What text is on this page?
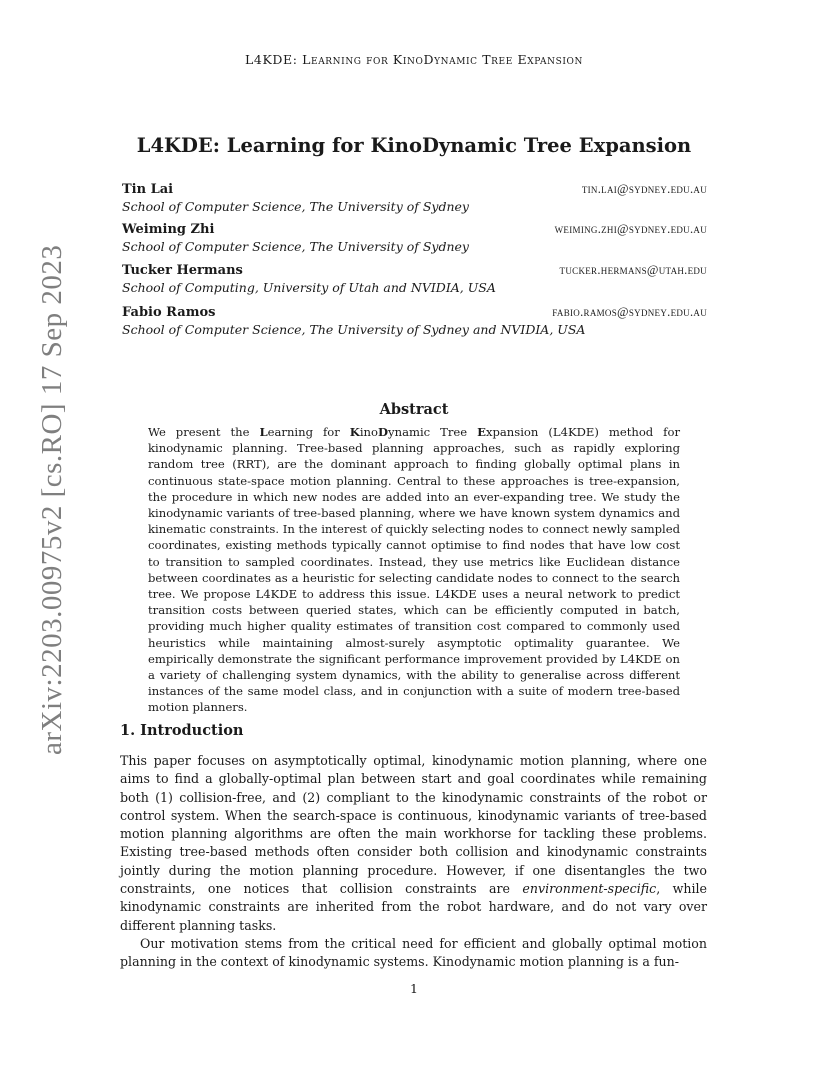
L4KDE: Learning for KinoDynamic Tree Expansion
L4KDE: Learning for KinoDynamic Tree Expansion
Tin Lai	tin.lai@sydney.edu.au
School of Computer Science, The University of Sydney
Weiming Zhi	weiming.zhi@sydney.edu.au
School of Computer Science, The University of Sydney
Tucker Hermans	tucker.hermans@utah.edu
School of Computing, University of Utah and NVIDIA, USA
Fabio Ramos	fabio.ramos@sydney.edu.au
School of Computer Science, The University of Sydney and NVIDIA, USA
Abstract
We present the Learning for KinoDynamic Tree Expansion (L4KDE) method for kinodynamic planning. Tree-based planning approaches, such as rapidly exploring random tree (RRT), are the dominant approach to finding globally optimal plans in continuous state-space motion planning. Central to these approaches is tree-expansion, the procedure in which new nodes are added into an ever-expanding tree. We study the kinodynamic variants of tree-based planning, where we have known system dynamics and kinematic constraints. In the interest of quickly selecting nodes to connect newly sampled coordinates, existing methods typically cannot optimise to find nodes that have low cost to transition to sampled coordinates. Instead, they use metrics like Euclidean distance between coordinates as a heuristic for selecting candidate nodes to connect to the search tree. We propose L4KDE to address this issue. L4KDE uses a neural network to predict transition costs between queried states, which can be efficiently computed in batch, providing much higher quality estimates of transition cost compared to commonly used heuristics while maintaining almost-surely asymptotic optimality guarantee. We empirically demonstrate the significant performance improvement provided by L4KDE on a variety of challenging system dynamics, with the ability to generalise across different instances of the same model class, and in conjunction with a suite of modern tree-based motion planners.
1. Introduction

This paper focuses on asymptotically optimal, kinodynamic motion planning, where one aims to find a globally-optimal plan between start and goal coordinates while remaining both (1) collision-free, and (2) compliant to the kinodynamic constraints of the robot or control system. When the search-space is continuous, kinodynamic variants of tree-based motion planning algorithms are often the main workhorse for tackling these problems. Existing tree-based methods often consider both collision and kinodynamic constraints jointly during the motion planning procedure. However, if one disentangles the two constraints, one notices that collision constraints are environment-specific, while kinodynamic constraints are inherited from the robot hardware, and do not vary over different planning tasks.

Our motivation stems from the critical need for efficient and globally optimal motion planning in the context of kinodynamic systems. Kinodynamic motion planning is a fun-

1
arXiv:2203.00975v2 [cs.RO] 17 Sep 2023
